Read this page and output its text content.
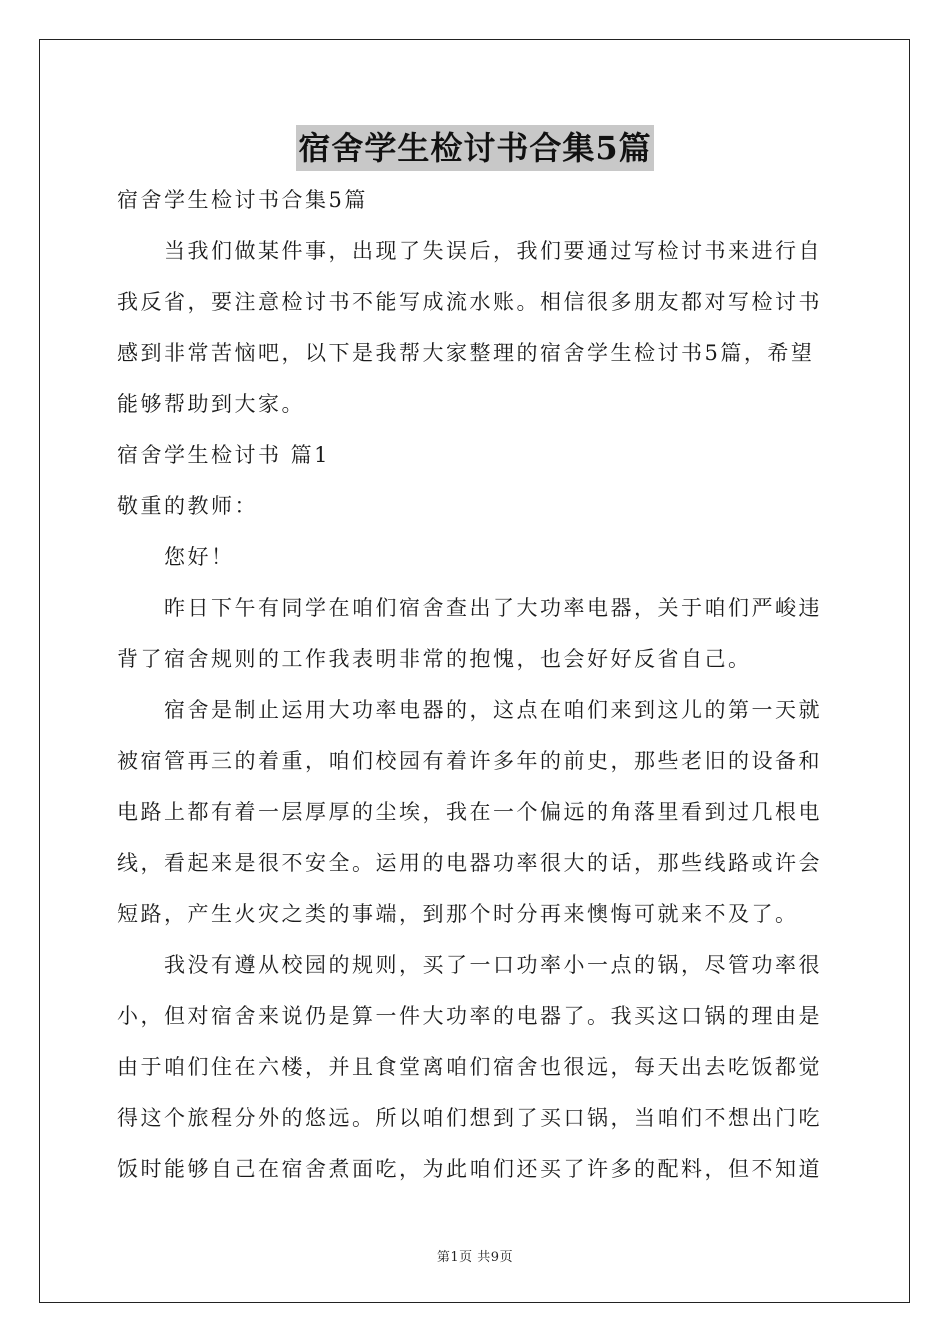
宿舍学生检讨书合集5篇
宿舍学生检讨书合集5篇
当我们做某件事，出现了失误后，我们要通过写检讨书来进行自
我反省，要注意检讨书不能写成流水账。相信很多朋友都对写检讨书
感到非常苦恼吧，以下是我帮大家整理的宿舍学生检讨书5篇，希望
能够帮助到大家。
宿舍学生检讨书 篇1
敬重的教师：
您好！
昨日下午有同学在咱们宿舍查出了大功率电器，关于咱们严峻违
背了宿舍规则的工作我表明非常的抱愧，也会好好反省自己。
宿舍是制止运用大功率电器的，这点在咱们来到这儿的第一天就
被宿管再三的着重，咱们校园有着许多年的前史，那些老旧的设备和
电路上都有着一层厚厚的尘埃，我在一个偏远的角落里看到过几根电
线，看起来是很不安全。运用的电器功率很大的话，那些线路或许会
短路，产生火灾之类的事端，到那个时分再来懊悔可就来不及了。
我没有遵从校园的规则，买了一口功率小一点的锅，尽管功率很
小，但对宿舍来说仍是算一件大功率的电器了。我买这口锅的理由是
由于咱们住在六楼，并且食堂离咱们宿舍也很远，每天出去吃饭都觉
得这个旅程分外的悠远。所以咱们想到了买口锅，当咱们不想出门吃
饭时能够自己在宿舍煮面吃，为此咱们还买了许多的配料，但不知道
第1页 共9页
